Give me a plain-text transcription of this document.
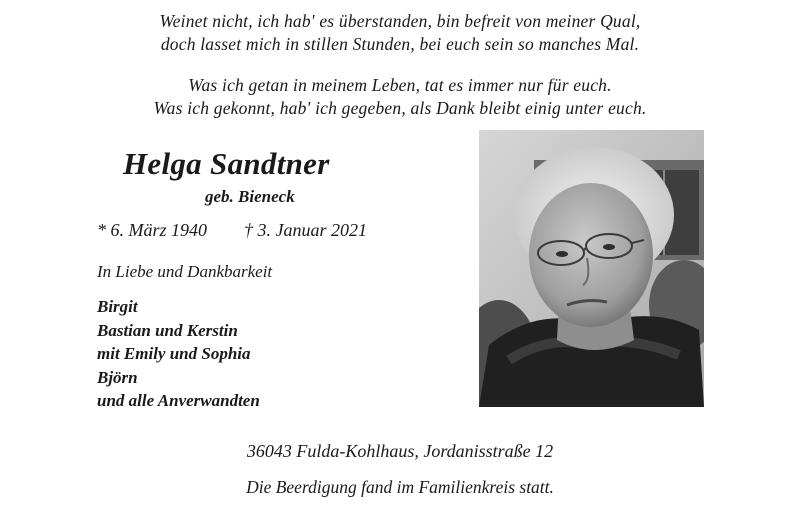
Weinet nicht, ich hab' es überstanden, bin befreit von meiner Qual,
doch lasset mich in stillen Stunden, bei euch sein so manches Mal.
Was ich getan in meinem Leben, tat es immer nur für euch.
Was ich gekonnt, hab' ich gegeben, als Dank bleibt einig unter euch.
Helga Sandtner
geb. Bieneck
* 6. März 1940 † 3. Januar 2021
In Liebe und Dankbarkeit
Birgit
Bastian und Kerstin
mit Emily und Sophia
Björn
und alle Anverwandten
36043 Fulda-Kohlhaus, Jordanisstraße 12
Die Beerdigung fand im Familienkreis statt.
